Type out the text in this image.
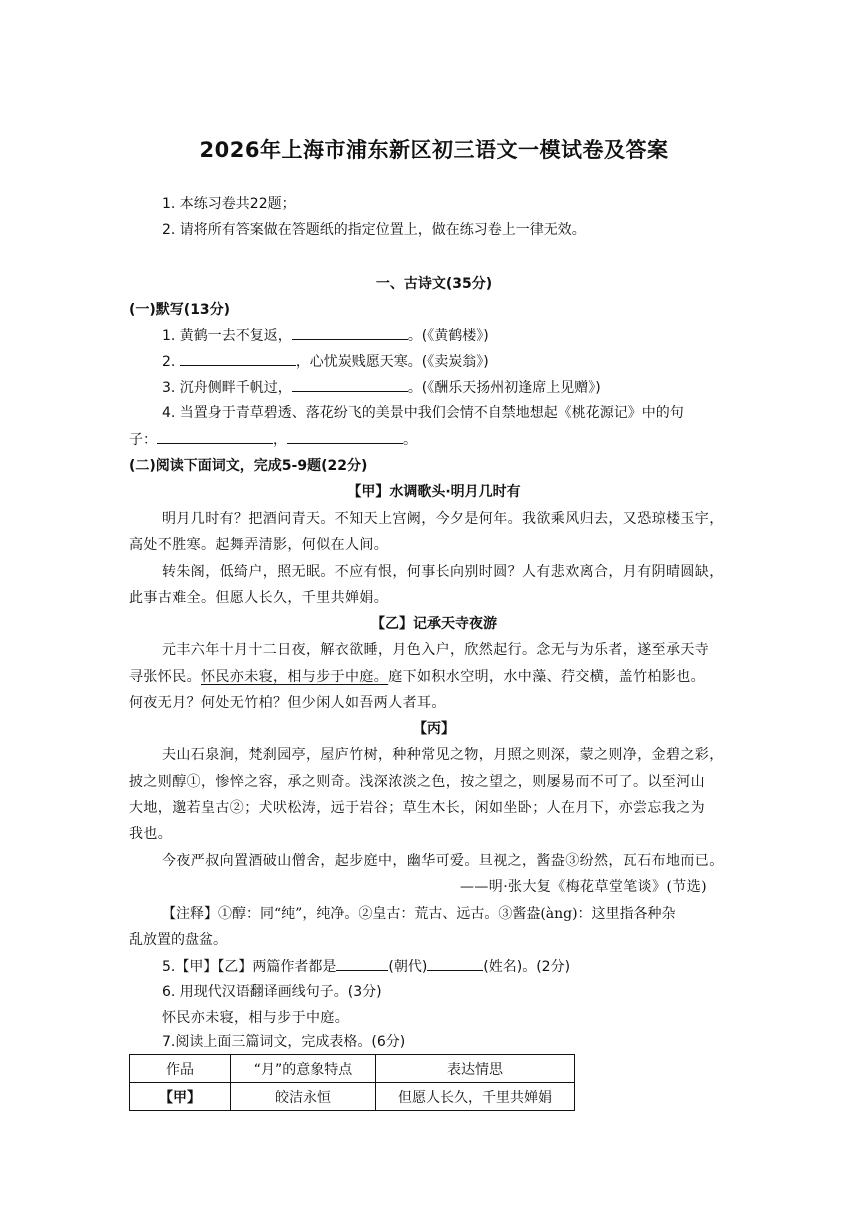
2026年上海市浦东新区初三语文一模试卷及答案
1. 本练习卷共22题；
2. 请将所有答案做在答题纸的指定位置上，做在练习卷上一律无效。
一、古诗文(35分)
(一)默写(13分)
1. 黄鹤一去不复返，	。(《黄鹤楼》)
2.	，心忧炭贱愿天寒。(《卖炭翁》)
3. 沉舟侧畔千帆过，	。(《酬乐天扬州初逢席上见赠》)
4. 当置身于青草碧透、落花纷飞的美景中我们会情不自禁地想起《桃花源记》中的句
子：	，	。
(二)阅读下面词文，完成5-9题(22分)
【甲】水调歌头·明月几时有
明月几时有？把酒问青天。不知天上宫阙，今夕是何年。我欲乘风归去，又恐琼楼玉宇，
高处不胜寒。起舞弄清影，何似在人间。
转朱阁，低绮户，照无眠。不应有恨，何事长向别时圆？人有悲欢离合，月有阴晴圆缺，
此事古难全。但愿人长久，千里共婵娟。
【乙】记承天寺夜游
元丰六年十月十二日夜，解衣欲睡，月色入户，欣然起行。念无与为乐者，遂至承天寺
寻张怀民。怀民亦未寝，相与步于中庭。庭下如积水空明，水中藻、荇交横，盖竹柏影也。
何夜无月？何处无竹柏？但少闲人如吾两人者耳。
【丙】
夫山石泉涧，梵刹园亭，屋庐竹树，种种常见之物，月照之则深，蒙之则净，金碧之彩，
披之则醇①，惨悴之容，承之则奇。浅深浓淡之色，按之望之，则屡易而不可了。以至河山
大地，邈若皇古②；犬吠松涛，远于岩谷；草生木长，闲如坐卧；人在月下，亦尝忘我之为
我也。
今夜严叔向置酒破山僧舍，起步庭中，幽华可爱。旦视之，酱盎③纷然，瓦石布地而已。
——明·张大复《梅花草堂笔谈》(节选)
【注释】①醇：同“纯”，纯净。②皇古：荒古、远古。③酱盎(àng)：这里指各种杂
乱放置的盘盆。
5.【甲】【乙】两篇作者都是	(朝代)	(姓名)。(2分)
6. 用现代汉语翻译画线句子。(3分)
怀民亦未寝，相与步于中庭。
7.阅读上面三篇词文，完成表格。(6分)
作品	“月”的意象特点	表达情思
【甲】	皎洁永恒	但愿人长久，千里共婵娟
